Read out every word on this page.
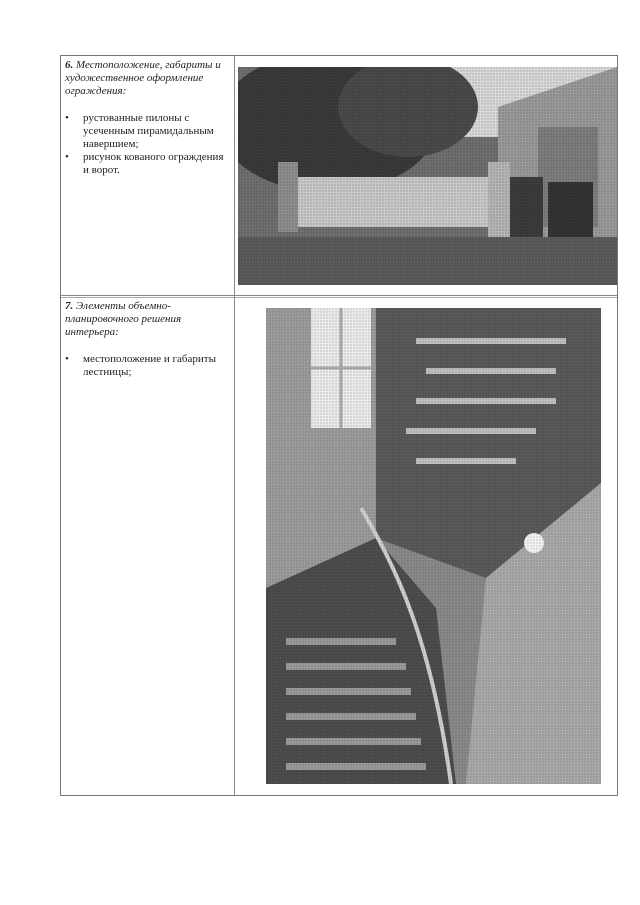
6. Местоположение, габариты и художественное оформление ограждения:
• рустованные пилоны с усеченным пирамидальным навершием;
• рисунок кованого ограждения и ворот.
7. Элементы объемно-планировочного решения интерьера:
• местоположение и габариты лестницы;
